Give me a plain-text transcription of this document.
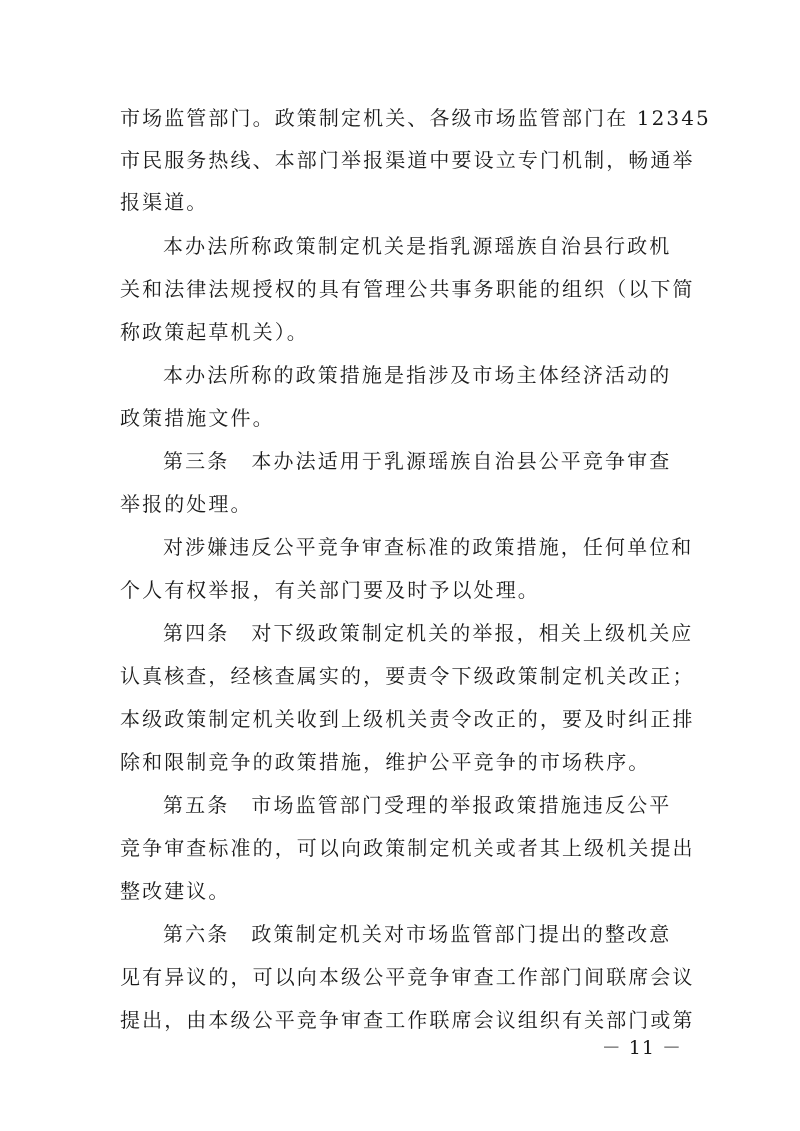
市场监管部门。政策制定机关、各级市场监管部门在 12345
市民服务热线、本部门举报渠道中要设立专门机制，畅通举
报渠道。
本办法所称政策制定机关是指乳源瑶族自治县行政机
关和法律法规授权的具有管理公共事务职能的组织（以下简
称政策起草机关）。
本办法所称的政策措施是指涉及市场主体经济活动的
政策措施文件。
第三条　本办法适用于乳源瑶族自治县公平竞争审查
举报的处理。
对涉嫌违反公平竞争审查标准的政策措施，任何单位和
个人有权举报，有关部门要及时予以处理。
第四条　对下级政策制定机关的举报，相关上级机关应
认真核查，经核查属实的，要责令下级政策制定机关改正；
本级政策制定机关收到上级机关责令改正的，要及时纠正排
除和限制竞争的政策措施，维护公平竞争的市场秩序。
第五条　市场监管部门受理的举报政策措施违反公平
竞争审查标准的，可以向政策制定机关或者其上级机关提出
整改建议。
第六条　政策制定机关对市场监管部门提出的整改意
见有异议的，可以向本级公平竞争审查工作部门间联席会议
提出，由本级公平竞争审查工作联席会议组织有关部门或第
－ 11 －
